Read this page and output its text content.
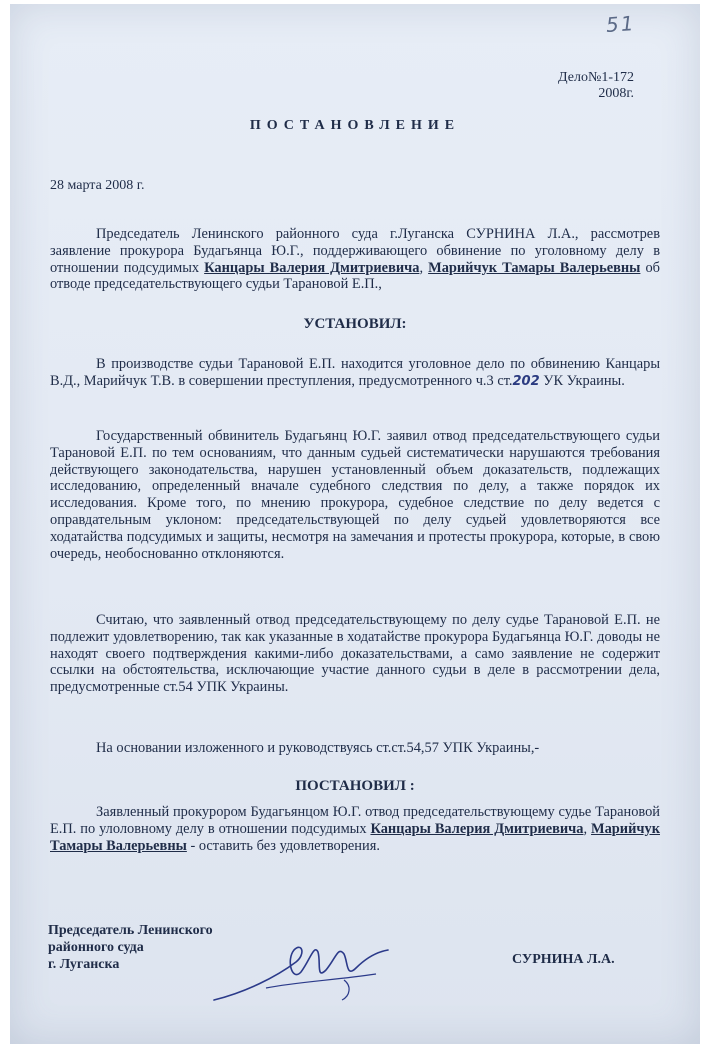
51
Дело№1-172
2008г.
ПОСТАНОВЛЕНИЕ
28 марта 2008 г.

Председатель Ленинского районного суда г.Луганска СУРНИНА Л.А., рассмотрев заявление прокурора Будагьянца Ю.Г., поддерживающего обвинение по уголовному делу в отношении подсудимых Канцары Валерия Дмитриевича, Марийчук Тамары Валерьевны об отводе председательствующего судьи Тарановой Е.П.,

УСТАНОВИЛ:

В производстве судьи Тарановой Е.П. находится уголовное дело по обвинению Канцары В.Д., Марийчук Т.В. в совершении преступления, предусмотренного ч.3 ст.202 УК Украины.

Государственный обвинитель Будагьянц Ю.Г. заявил отвод председательствующего судьи Тарановой Е.П. по тем основаниям, что данным судьей систематически нарушаются требования действующего законодательства, нарушен установленный объем доказательств, подлежащих исследованию, определенный вначале судебного следствия по делу, а также порядок их исследования. Кроме того, по мнению прокурора, судебное следствие по делу ведется с оправдательным уклоном: председательствующей по делу судьей удовлетворяются все ходатайства подсудимых и защиты, несмотря на замечания и протесты прокурора, которые, в свою очередь, необоснованно отклоняются.

Считаю, что заявленный отвод председательствующему по делу судье Тарановой Е.П. не подлежит удовлетворению, так как указанные в ходатайстве прокурора Будагьянца Ю.Г. доводы не находят своего подтверждения какими-либо доказательствами, а само заявление не содержит ссылки на обстоятельства, исключающие участие данного судьи в деле в рассмотрении дела, предусмотренные ст.54 УПК Украины.

На основании изложенного и руководствуясь ст.ст.54,57 УПК Украины,-

ПОСТАНОВИЛ :

Заявленный прокурором Будагьянцом Ю.Г. отвод председательствующему судье Тарановой Е.П. по улоловному делу в отношении подсудимых Канцары Валерия Дмитриевича, Марийчук Тамары Валерьевны - оставить без удовлетворения.

Председатель Ленинского
районного суда
г. Луганска	СУРНИНА Л.А.
